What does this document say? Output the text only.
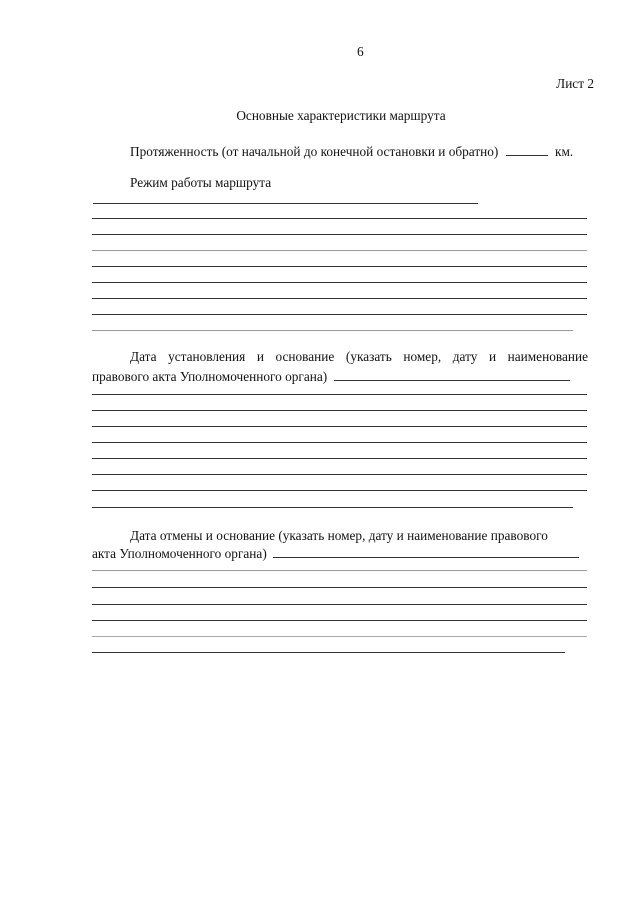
6
Лист 2
Основные характеристики маршрута
Протяженность (от начальной до конечной остановки и обратно)	км.
Режим работы маршрута
Дата установления и основание (указать номер, дату и наименование
правового акта Уполномоченного органа)
Дата отмены и основание (указать номер, дату и наименование правового
акта Уполномоченного органа)
